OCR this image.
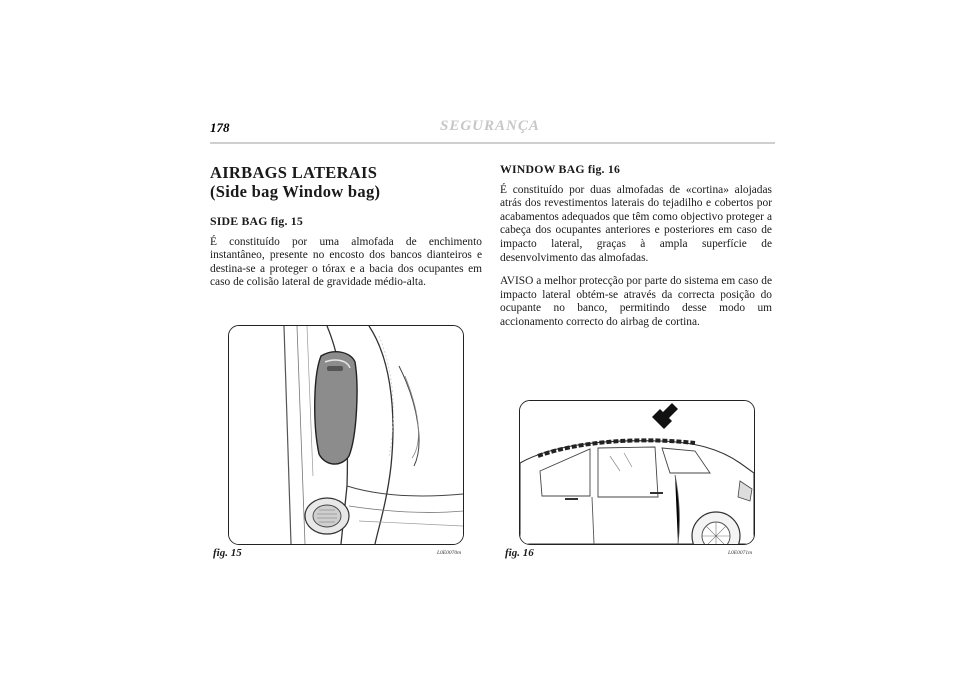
178	SEGURANÇA
AIRBAGS LATERAIS
(Side bag Window bag)
SIDE BAG fig. 15
É constituído por uma almofada de enchimento instantâneo, presente no encosto dos bancos dianteiros e destina-se a proteger o tórax e a bacia dos ocupantes em caso de colisão lateral de gravidade médio-alta.
WINDOW BAG fig. 16
É constituído por duas almofadas de «cortina» alojadas atrás dos revestimentos laterais do tejadilho e cobertos por acabamentos adequados que têm como objectivo proteger a cabeça dos ocupantes anteriores e posteriores em caso de impacto lateral, graças à ampla superfície de desenvolvimento das almofadas.
AVISO a melhor protecção por parte do sistema em caso de impacto lateral obtém-se através da correcta posição do ocupante no banco, permitindo desse modo um accionamento correcto do airbag de cortina.
fig. 15	L0E0070m	fig. 16	L0E0071m
